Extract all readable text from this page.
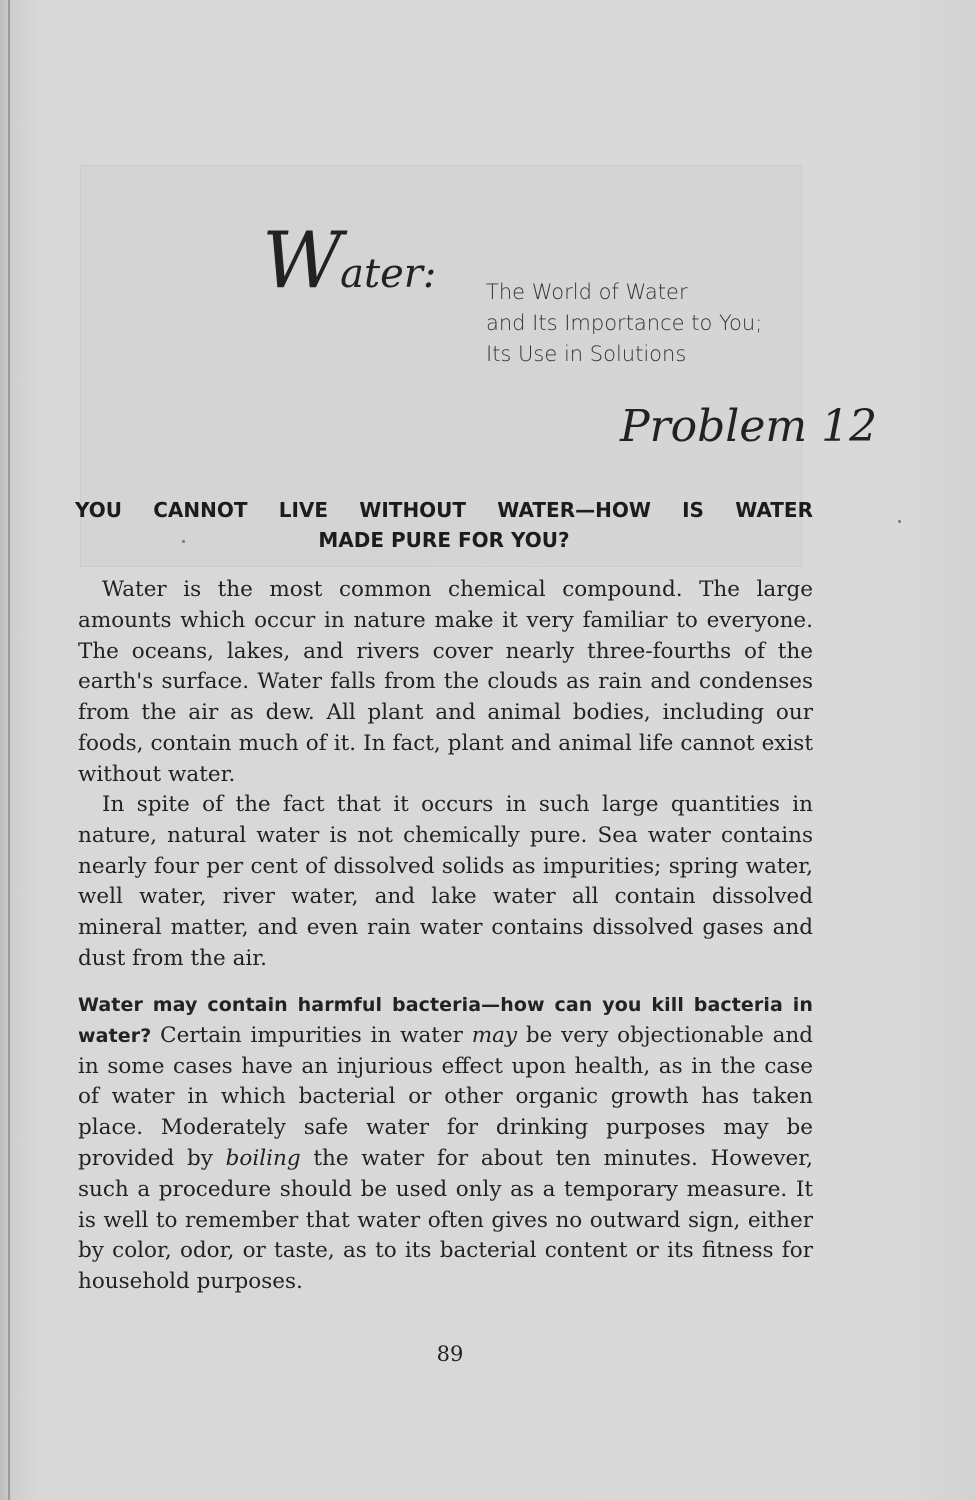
Water: The World of Water
and Its Importance to You;
Its Use in Solutions
Problem 12
YOU CANNOT LIVE WITHOUT WATER—HOW IS WATER
MADE PURE FOR YOU?

Water is the most common chemical compound. The large amounts which occur in nature make it very familiar to everyone. The oceans, lakes, and rivers cover nearly three-fourths of the earth's surface. Water falls from the clouds as rain and condenses from the air as dew. All plant and animal bodies, including our foods, contain much of it. In fact, plant and animal life cannot exist without water.

In spite of the fact that it occurs in such large quantities in nature, natural water is not chemically pure. Sea water contains nearly four per cent of dissolved solids as impurities; spring water, well water, river water, and lake water all contain dissolved mineral matter, and even rain water contains dissolved gases and dust from the air.

Water may contain harmful bacteria—how can you kill bacteria in water? Certain impurities in water may be very objectionable and in some cases have an injurious effect upon health, as in the case of water in which bacterial or other organic growth has taken place. Moderately safe water for drinking purposes may be provided by boiling the water for about ten minutes. However, such a procedure should be used only as a temporary measure. It is well to remember that water often gives no outward sign, either by color, odor, or taste, as to its bacterial content or its fitness for household purposes.

89
